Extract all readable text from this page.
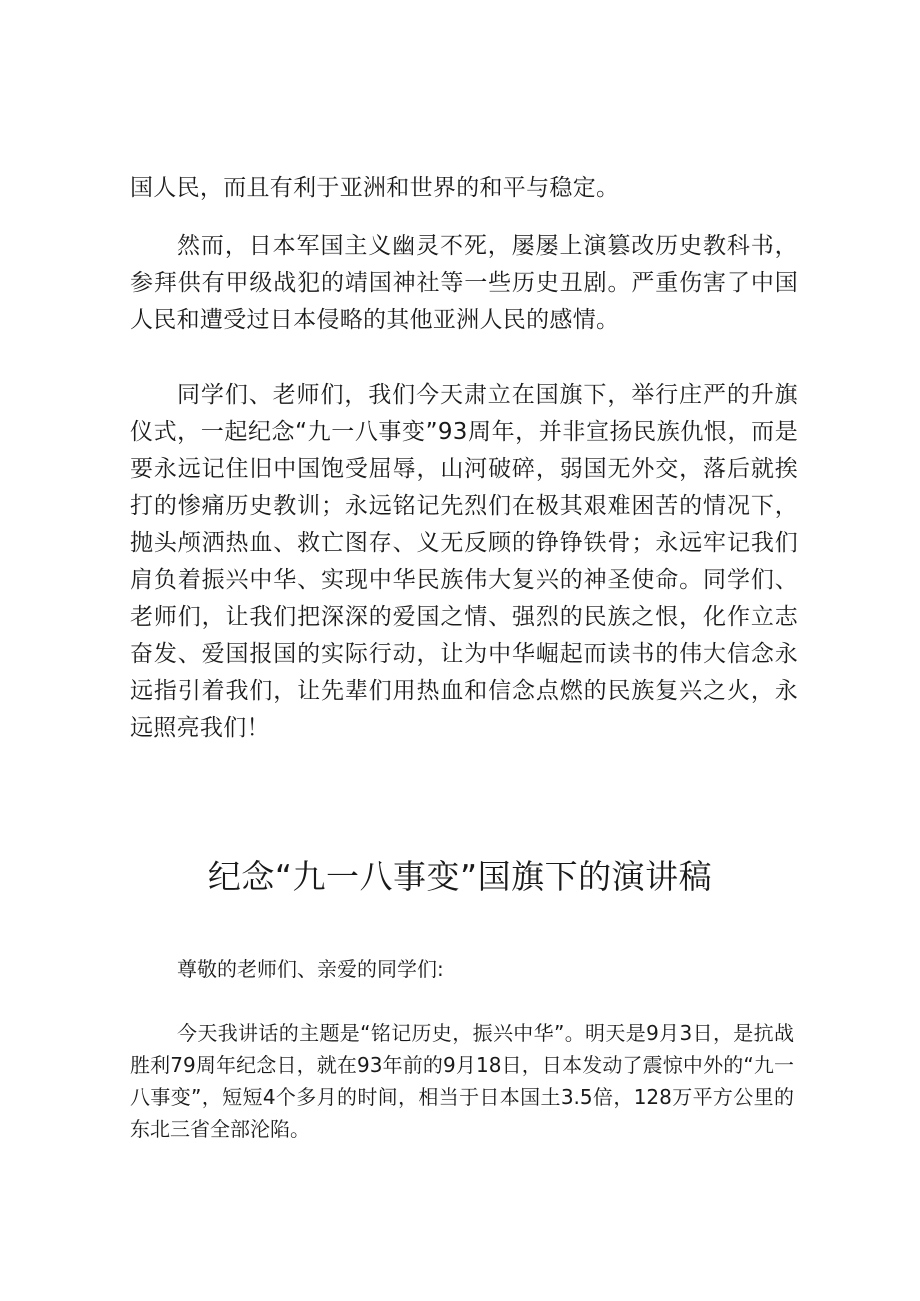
国人民，而且有利于亚洲和世界的和平与稳定。

然而，日本军国主义幽灵不死，屡屡上演篡改历史教科书，参拜供有甲级战犯的靖国神社等一些历史丑剧。严重伤害了中国人民和遭受过日本侵略的其他亚洲人民的感情。

同学们、老师们，我们今天肃立在国旗下，举行庄严的升旗仪式，一起纪念“九一八事变”93周年，并非宣扬民族仇恨，而是要永远记住旧中国饱受屈辱，山河破碎，弱国无外交，落后就挨打的惨痛历史教训；永远铭记先烈们在极其艰难困苦的情况下，抛头颅洒热血、救亡图存、义无反顾的铮铮铁骨；永远牢记我们肩负着振兴中华、实现中华民族伟大复兴的神圣使命。同学们、老师们，让我们把深深的爱国之情、强烈的民族之恨，化作立志奋发、爱国报国的实际行动，让为中华崛起而读书的伟大信念永远指引着我们，让先辈们用热血和信念点燃的民族复兴之火，永远照亮我们！

纪念“九一八事变”国旗下的演讲稿

尊敬的老师们、亲爱的同学们:

今天我讲话的主题是“铭记历史，振兴中华”。明天是9月3日，是抗战胜利79周年纪念日，就在93年前的9月18日，日本发动了震惊中外的“九一八事变”，短短4个多月的时间，相当于日本国土3.5倍，128万平方公里的东北三省全部沦陷。
